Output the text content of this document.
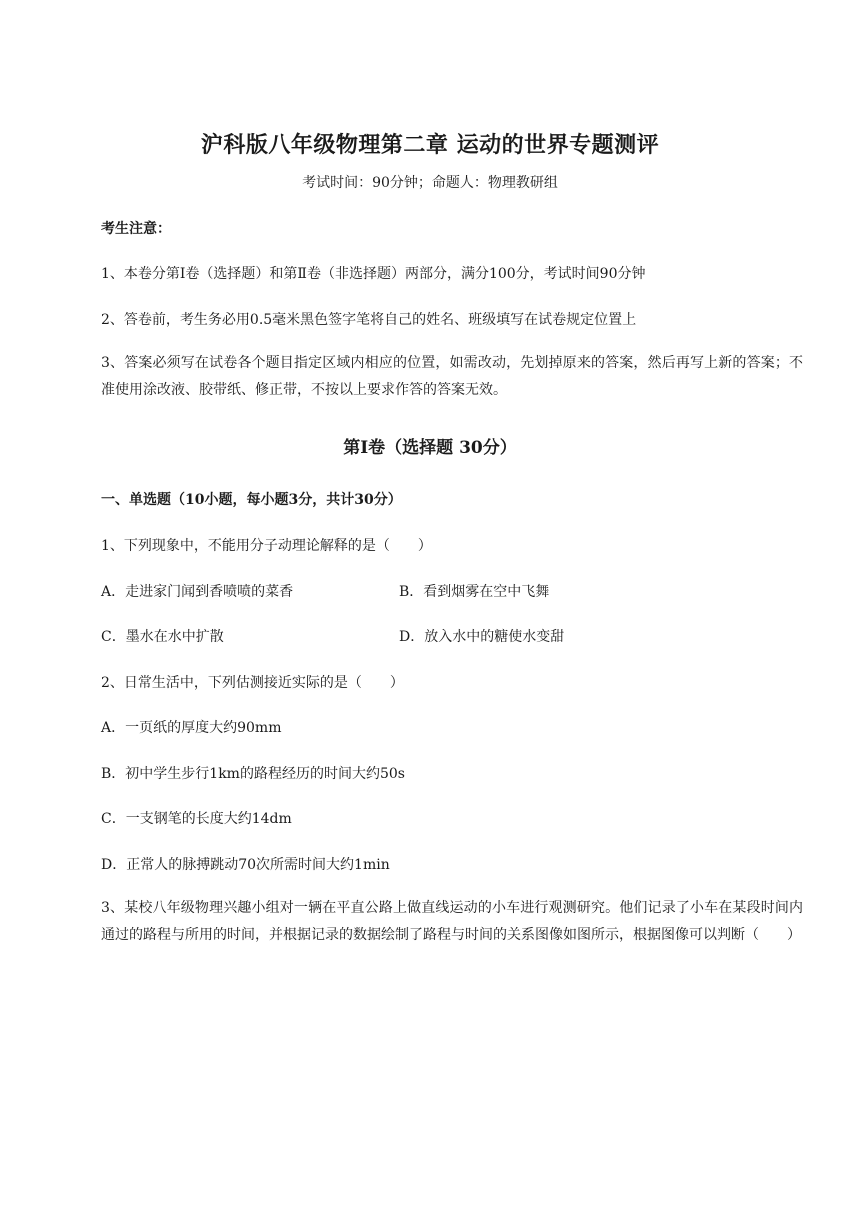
沪科版八年级物理第二章 运动的世界专题测评
考试时间：90分钟；命题人：物理教研组
考生注意：
1、本卷分第Ⅰ卷（选择题）和第Ⅱ卷（非选择题）两部分，满分100分，考试时间90分钟
2、答卷前，考生务必用0.5毫米黑色签字笔将自己的姓名、班级填写在试卷规定位置上
3、答案必须写在试卷各个题目指定区域内相应的位置，如需改动，先划掉原来的答案，然后再写上新的答案；不准使用涂改液、胶带纸、修正带，不按以上要求作答的答案无效。
第Ⅰ卷（选择题 30分）
一、单选题（10小题，每小题3分，共计30分）
1、下列现象中，不能用分子动理论解释的是（　　）
A．走进家门闻到香喷喷的菜香	B．看到烟雾在空中飞舞
C．墨水在水中扩散	D．放入水中的糖使水变甜
2、日常生活中，下列估测接近实际的是（　　）
A．一页纸的厚度大约90mm
B．初中学生步行1km的路程经历的时间大约50s
C．一支钢笔的长度大约14dm
D．正常人的脉搏跳动70次所需时间大约1min
3、某校八年级物理兴趣小组对一辆在平直公路上做直线运动的小车进行观测研究。他们记录了小车在某段时间内通过的路程与所用的时间，并根据记录的数据绘制了路程与时间的关系图像如图所示，根据图像可以判断（　　）
